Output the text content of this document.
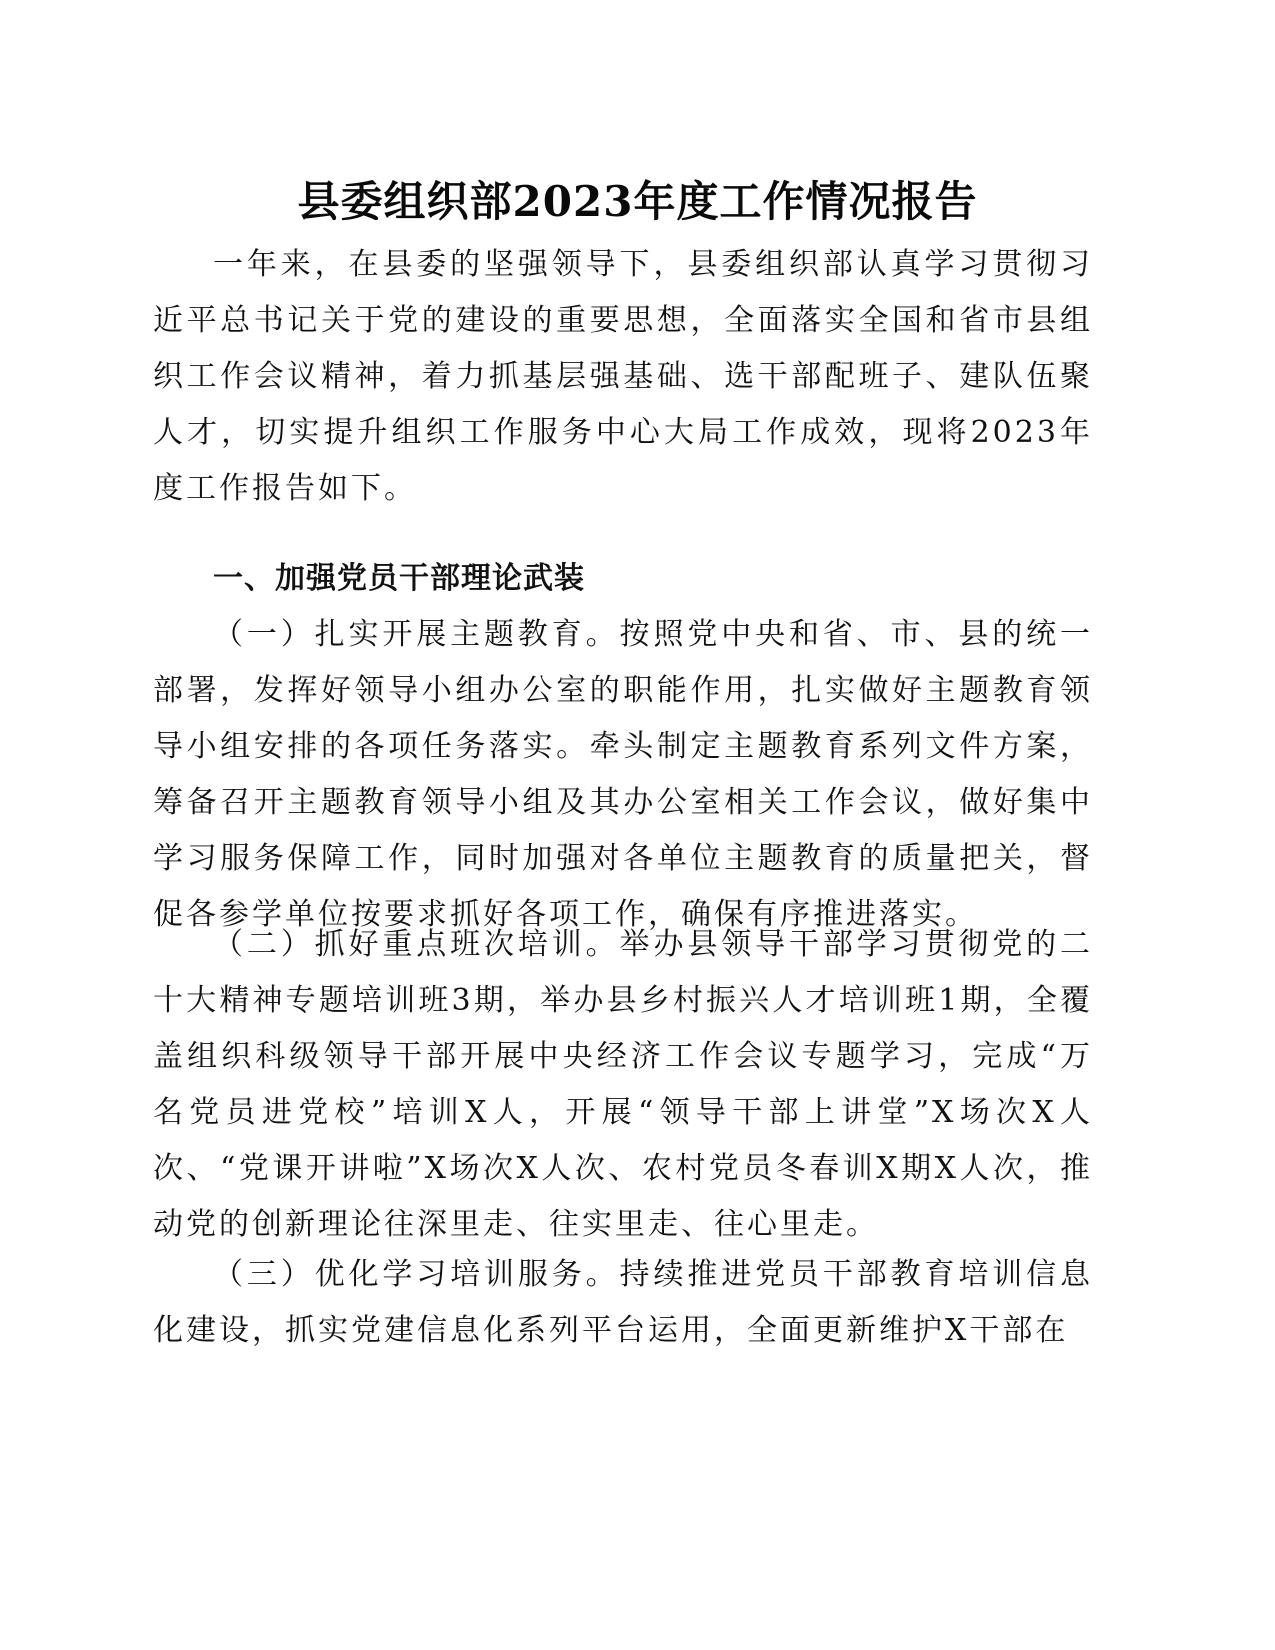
县委组织部2023年度工作情况报告

一年来，在县委的坚强领导下，县委组织部认真学习贯彻习近平总书记关于党的建设的重要思想，全面落实全国和省市县组织工作会议精神，着力抓基层强基础、选干部配班子、建队伍聚人才，切实提升组织工作服务中心大局工作成效，现将2023年度工作报告如下。

一、加强党员干部理论武装

（一）扎实开展主题教育。按照党中央和省、市、县的统一部署，发挥好领导小组办公室的职能作用，扎实做好主题教育领导小组安排的各项任务落实。牵头制定主题教育系列文件方案，筹备召开主题教育领导小组及其办公室相关工作会议，做好集中学习服务保障工作，同时加强对各单位主题教育的质量把关，督促各参学单位按要求抓好各项工作，确保有序推进落实。

（二）抓好重点班次培训。举办县领导干部学习贯彻党的二十大精神专题培训班3期，举办县乡村振兴人才培训班1期，全覆盖组织科级领导干部开展中央经济工作会议专题学习，完成“万名党员进党校”培训X人，开展“领导干部上讲堂”X场次X人次、“党课开讲啦”X场次X人次、农村党员冬春训X期X人次，推动党的创新理论往深里走、往实里走、往心里走。

（三）优化学习培训服务。持续推进党员干部教育培训信息化建设，抓实党建信息化系列平台运用，全面更新维护X干部在
